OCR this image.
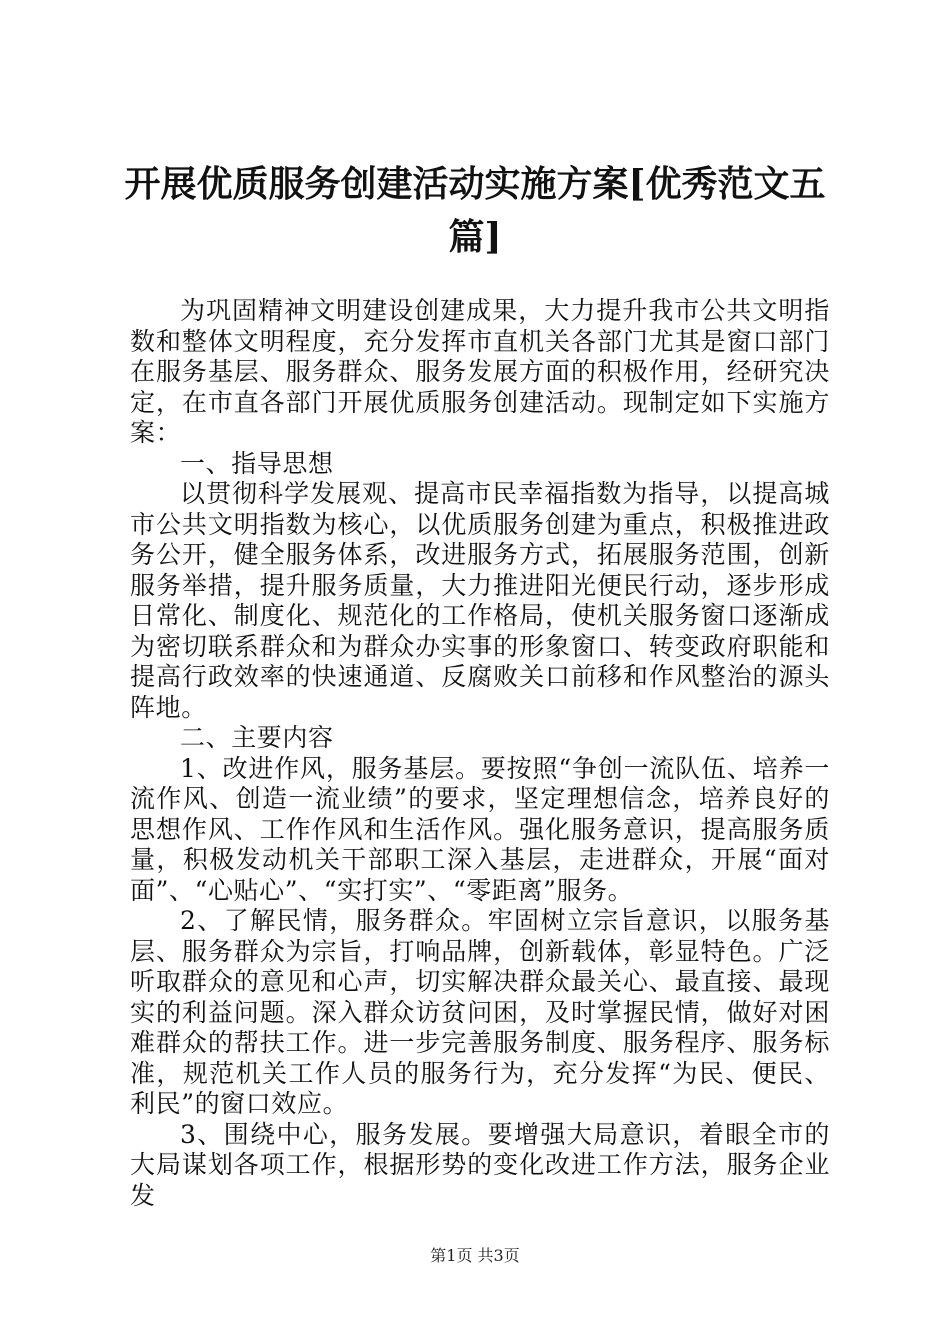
开展优质服务创建活动实施方案[优秀范文五篇]

为巩固精神文明建设创建成果，大力提升我市公共文明指数和整体文明程度，充分发挥市直机关各部门尤其是窗口部门在服务基层、服务群众、服务发展方面的积极作用，经研究决定，在市直各部门开展优质服务创建活动。现制定如下实施方案：

一、指导思想

以贯彻科学发展观、提高市民幸福指数为指导，以提高城市公共文明指数为核心，以优质服务创建为重点，积极推进政务公开，健全服务体系，改进服务方式，拓展服务范围，创新服务举措，提升服务质量，大力推进阳光便民行动，逐步形成日常化、制度化、规范化的工作格局，使机关服务窗口逐渐成为密切联系群众和为群众办实事的形象窗口、转变政府职能和提高行政效率的快速通道、反腐败关口前移和作风整治的源头阵地。

二、主要内容

1、改进作风，服务基层。要按照“争创一流队伍、培养一流作风、创造一流业绩”的要求，坚定理想信念，培养良好的思想作风、工作作风和生活作风。强化服务意识，提高服务质量，积极发动机关干部职工深入基层，走进群众，开展“面对面”、“心贴心”、“实打实”、“零距离”服务。

2、了解民情，服务群众。牢固树立宗旨意识，以服务基层、服务群众为宗旨，打响品牌，创新载体，彰显特色。广泛听取群众的意见和心声，切实解决群众最关心、最直接、最现实的利益问题。深入群众访贫问困，及时掌握民情，做好对困难群众的帮扶工作。进一步完善服务制度、服务程序、服务标准，规范机关工作人员的服务行为，充分发挥“为民、便民、利民”的窗口效应。

3、围绕中心，服务发展。要增强大局意识，着眼全市的大局谋划各项工作，根据形势的变化改进工作方法，服务企业发

第1页 共3页
